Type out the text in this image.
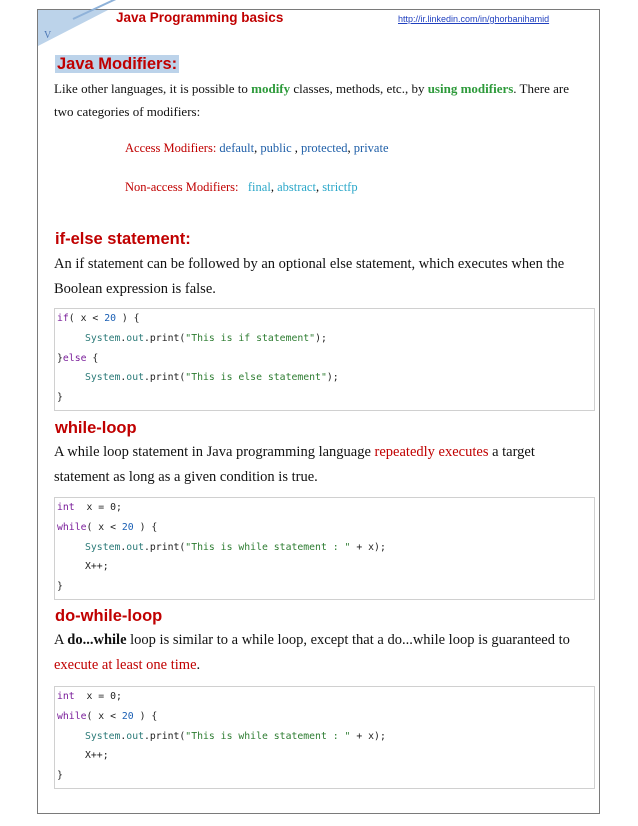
V
Java Programming basics	http://ir.linkedin.com/in/ghorbanihamid
Java Modifiers:
Like other languages, it is possible to modify classes, methods, etc., by using modifiers. There are two categories of modifiers:
Access Modifiers: default, public , protected, private
Non-access Modifiers:   final, abstract, strictfp
if-else statement:
An if statement can be followed by an optional else statement, which executes when the Boolean expression is false.
if( x < 20 ) {
System.out.print("This is if statement");
}else {
System.out.print("This is else statement");
}
while-loop
A while loop statement in Java programming language repeatedly executes a target statement as long as a given condition is true.
int  x = 0;
while( x < 20 ) {
System.out.print("This is while statement : " + x);
X++;
}
do-while-loop
A do...while loop is similar to a while loop, except that a do...while loop is guaranteed to execute at least one time.
int  x = 0;
while( x < 20 ) {
System.out.print("This is while statement : " + x);
X++;
}
